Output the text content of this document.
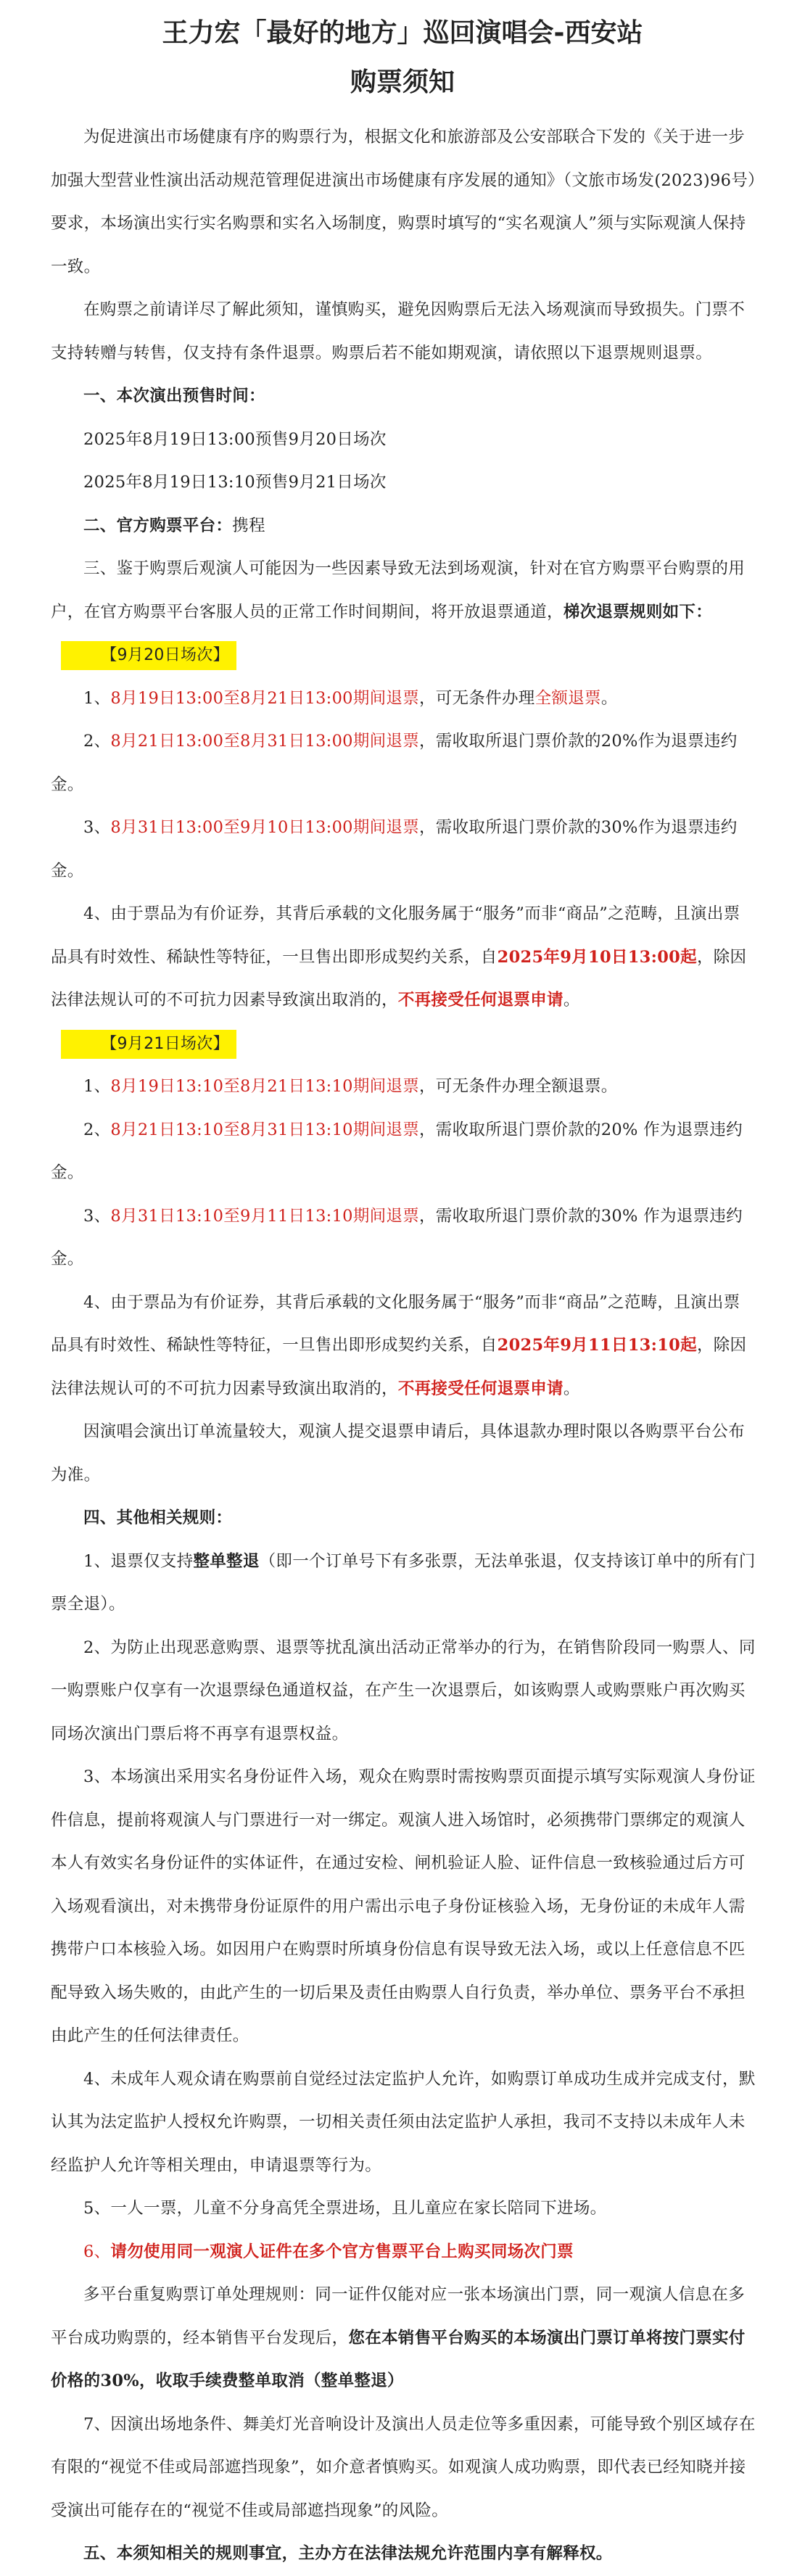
王力宏「最好的地方」巡回演唱会-西安站
购票须知

为促进演出市场健康有序的购票行为，根据文化和旅游部及公安部联合下发的《关于进一步加强大型营业性演出活动规范管理促进演出市场健康有序发展的通知》（文旅市场发(2023)96号）要求，本场演出实行实名购票和实名入场制度，购票时填写的“实名观演人”须与实际观演人保持一致。

在购票之前请详尽了解此须知，谨慎购买，避免因购票后无法入场观演而导致损失。门票不支持转赠与转售，仅支持有条件退票。购票后若不能如期观演，请依照以下退票规则退票。

一、本次演出预售时间：

2025年8月19日13:00预售9月20日场次

2025年8月19日13:10预售9月21日场次

二、官方购票平台：携程

三、鉴于购票后观演人可能因为一些因素导致无法到场观演，针对在官方购票平台购票的用户，在官方购票平台客服人员的正常工作时间期间，将开放退票通道，梯次退票规则如下：

【9月20日场次】

1、8月19日13:00至8月21日13:00期间退票，可无条件办理全额退票。

2、8月21日13:00至8月31日13:00期间退票，需收取所退门票价款的20%作为退票违约金。

3、8月31日13:00至9月10日13:00期间退票，需收取所退门票价款的30%作为退票违约金。

4、由于票品为有价证券，其背后承载的文化服务属于“服务”而非“商品”之范畴，且演出票品具有时效性、稀缺性等特征，一旦售出即形成契约关系，自2025年9月10日13:00起，除因法律法规认可的不可抗力因素导致演出取消的，不再接受任何退票申请。

【9月21日场次】

1、8月19日13:10至8月21日13:10期间退票，可无条件办理全额退票。

2、8月21日13:10至8月31日13:10期间退票，需收取所退门票价款的20% 作为退票违约金。

3、8月31日13:10至9月11日13:10期间退票，需收取所退门票价款的30% 作为退票违约金。

4、由于票品为有价证券，其背后承载的文化服务属于“服务”而非“商品”之范畴，且演出票品具有时效性、稀缺性等特征，一旦售出即形成契约关系，自2025年9月11日13:10起，除因法律法规认可的不可抗力因素导致演出取消的，不再接受任何退票申请。

因演唱会演出订单流量较大，观演人提交退票申请后，具体退款办理时限以各购票平台公布为准。

四、其他相关规则：

1、退票仅支持整单整退（即一个订单号下有多张票，无法单张退，仅支持该订单中的所有门票全退）。

2、为防止出现恶意购票、退票等扰乱演出活动正常举办的行为，在销售阶段同一购票人、同一购票账户仅享有一次退票绿色通道权益，在产生一次退票后，如该购票人或购票账户再次购买同场次演出门票后将不再享有退票权益。

3、本场演出采用实名身份证件入场，观众在购票时需按购票页面提示填写实际观演人身份证件信息，提前将观演人与门票进行一对一绑定。观演人进入场馆时，必须携带门票绑定的观演人本人有效实名身份证件的实体证件，在通过安检、闸机验证人脸、证件信息一致核验通过后方可入场观看演出，对未携带身份证原件的用户需出示电子身份证核验入场，无身份证的未成年人需携带户口本核验入场。如因用户在购票时所填身份信息有误导致无法入场，或以上任意信息不匹配导致入场失败的，由此产生的一切后果及责任由购票人自行负责，举办单位、票务平台不承担由此产生的任何法律责任。

4、未成年人观众请在购票前自觉经过法定监护人允许，如购票订单成功生成并完成支付，默认其为法定监护人授权允许购票，一切相关责任须由法定监护人承担，我司不支持以未成年人未经监护人允许等相关理由，申请退票等行为。

5、一人一票，儿童不分身高凭全票进场，且儿童应在家长陪同下进场。

6、请勿使用同一观演人证件在多个官方售票平台上购买同场次门票

多平台重复购票订单处理规则：同一证件仅能对应一张本场演出门票，同一观演人信息在多平台成功购票的，经本销售平台发现后，您在本销售平台购买的本场演出门票订单将按门票实付价格的30%，收取手续费整单取消（整单整退）

7、因演出场地条件、舞美灯光音响设计及演出人员走位等多重因素，可能导致个别区域存在有限的“视觉不佳或局部遮挡现象”，如介意者慎购买。如观演人成功购票，即代表已经知晓并接受演出可能存在的“视觉不佳或局部遮挡现象”的风险。

五、本须知相关的规则事宜，主办方在法律法规允许范围内享有解释权。
